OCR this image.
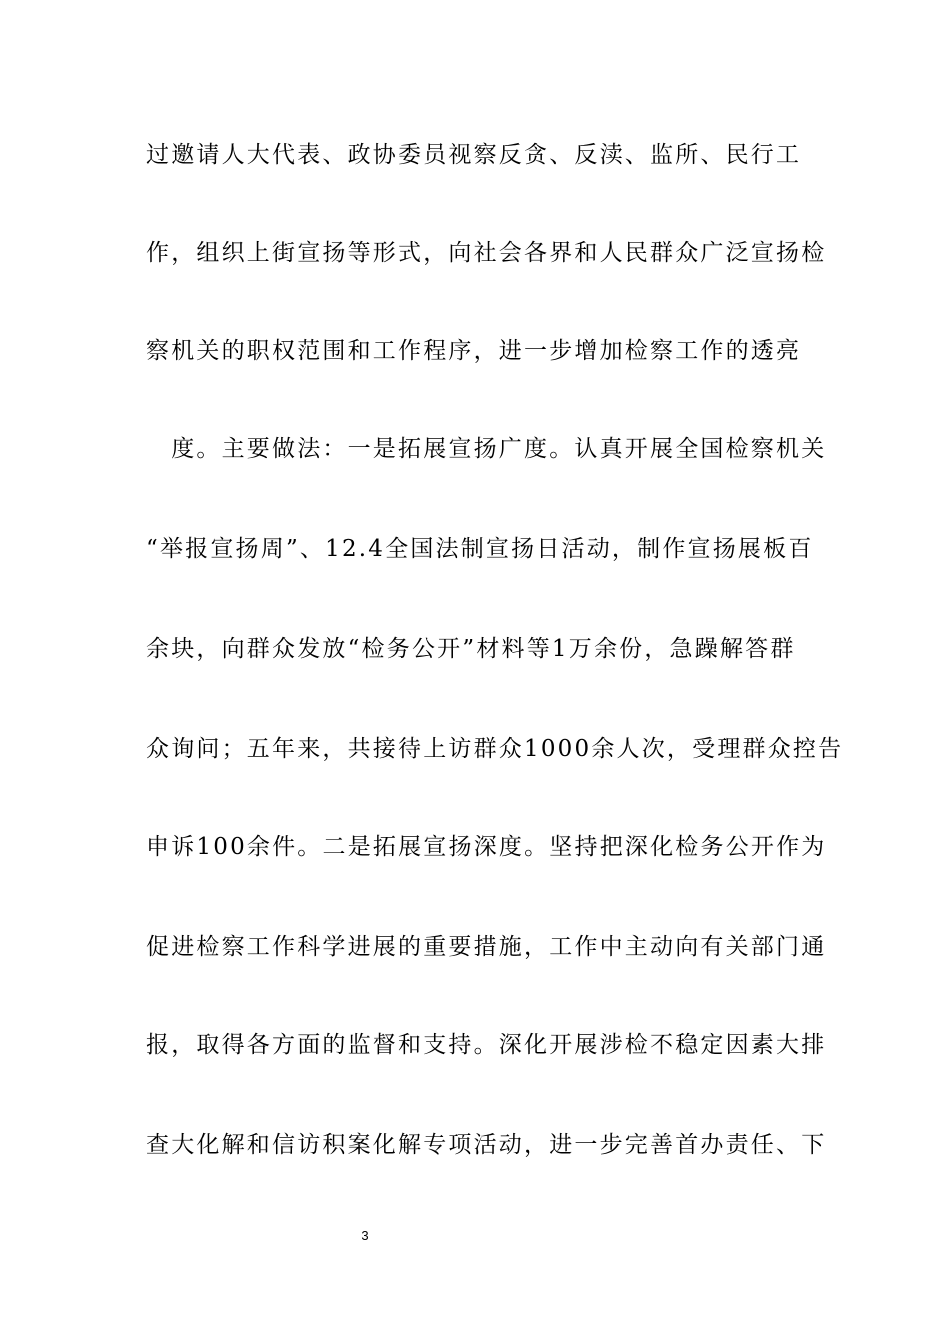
过邀请人大代表、政协委员视察反贪、反渎、监所、民行工
作，组织上街宣扬等形式，向社会各界和人民群众广泛宣扬检
察机关的职权范围和工作程序，进一步增加检察工作的透亮
　度。主要做法：一是拓展宣扬广度。认真开展全国检察机关
“举报宣扬周”、12.4全国法制宣扬日活动，制作宣扬展板百
余块，向群众发放“检务公开”材料等1万余份，急躁解答群
众询问；五年来，共接待上访群众1000余人次，受理群众控告
申诉100余件。二是拓展宣扬深度。坚持把深化检务公开作为
促进检察工作科学进展的重要措施，工作中主动向有关部门通
报，取得各方面的监督和支持。深化开展涉检不稳定因素大排
查大化解和信访积案化解专项活动，进一步完善首办责任、下
3
